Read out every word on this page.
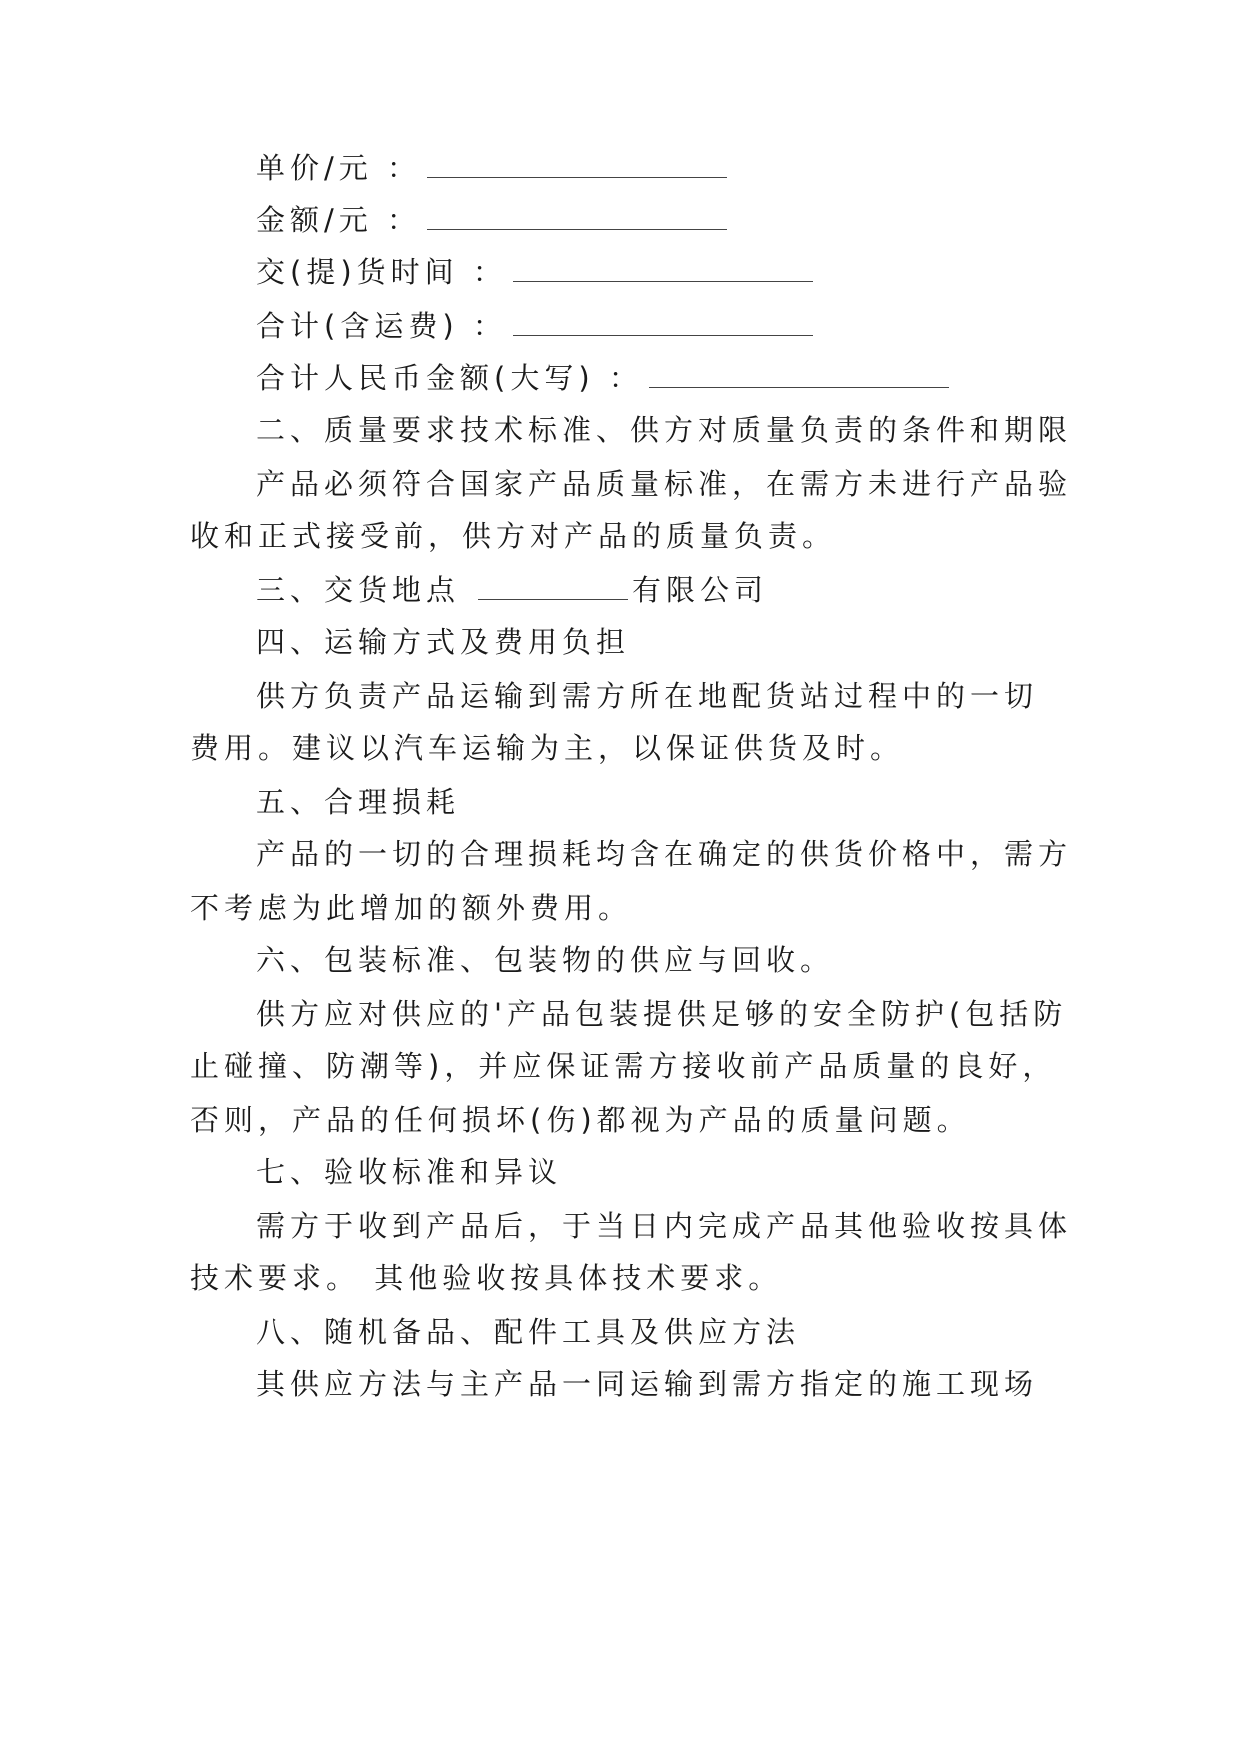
单价/元 ：
金额/元 ：
交(提)货时间 ：
合计(含运费) ：
合计人民币金额(大写) ：
二、质量要求技术标准、供方对质量负责的条件和期限
产品必须符合国家产品质量标准，在需方未进行产品验
收和正式接受前，供方对产品的质量负责。
三、交货地点	有限公司
四、运输方式及费用负担
供方负责产品运输到需方所在地配货站过程中的一切
费用。建议以汽车运输为主，以保证供货及时。
五、合理损耗
产品的一切的合理损耗均含在确定的供货价格中，需方
不考虑为此增加的额外费用。
六、包装标准、包装物的供应与回收。
供方应对供应的'产品包装提供足够的安全防护(包括防
止碰撞、防潮等)，并应保证需方接收前产品质量的良好，
否则，产品的任何损坏(伤)都视为产品的质量问题。
七、验收标准和异议
需方于收到产品后，于当日内完成产品其他验收按具体
技术要求。 其他验收按具体技术要求。
八、随机备品、配件工具及供应方法
其供应方法与主产品一同运输到需方指定的施工现场
